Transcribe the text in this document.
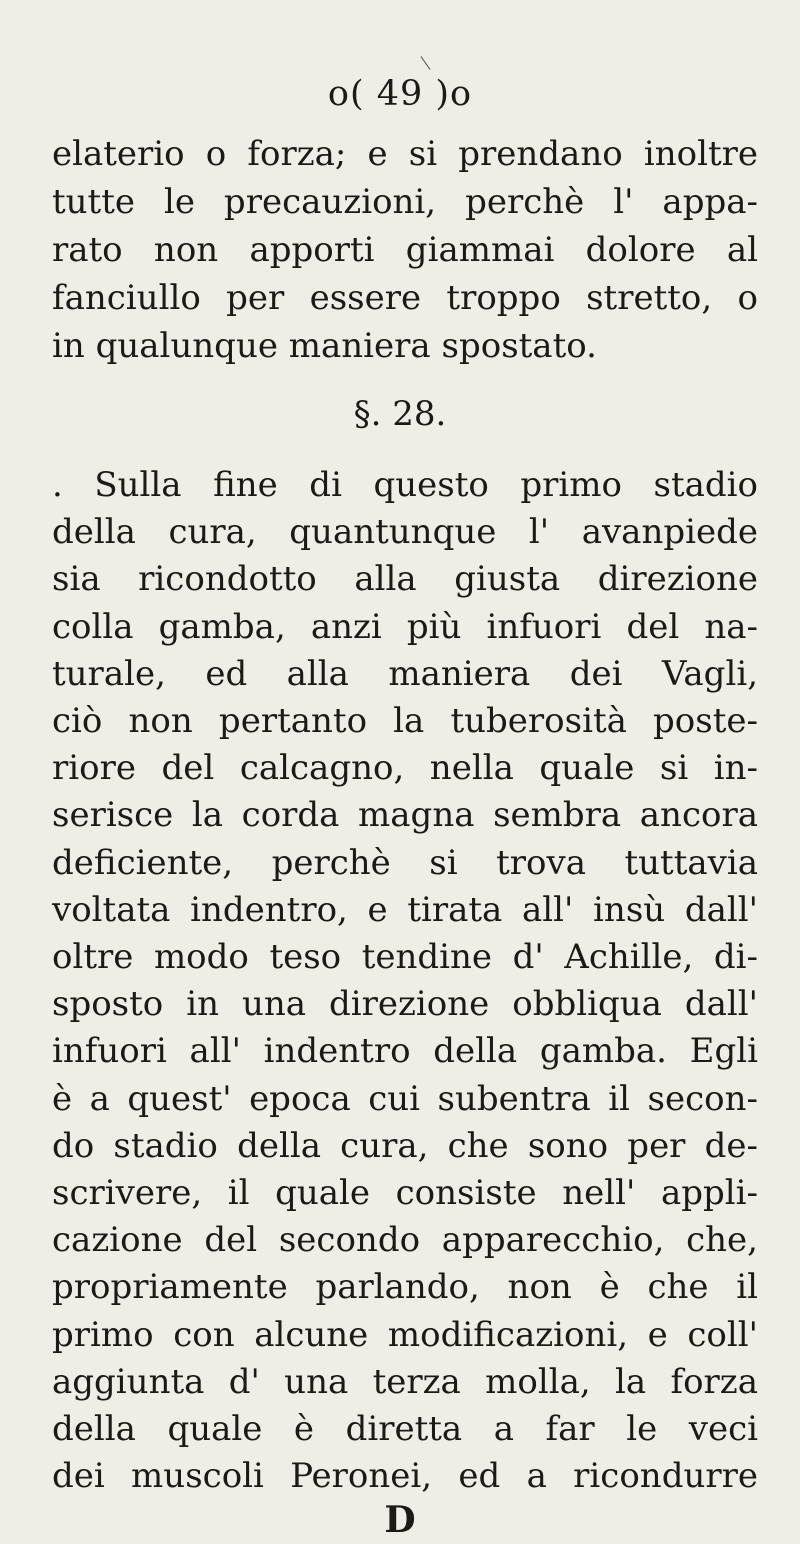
o( 49 )o
elaterio o forza; e si prendano inoltre
tutte le precauzioni, perchè l' appa-
rato non apporti giammai dolore al
fanciullo per essere troppo stretto, o
in qualunque maniera spostato.
§. 28.
. Sulla fine di questo primo stadio
della cura, quantunque l' avanpiede
sia ricondotto alla giusta direzione
colla gamba, anzi più infuori del na-
turale, ed alla maniera dei Vagli,
ciò non pertanto la tuberosità poste-
riore del calcagno, nella quale si in-
serisce la corda magna sembra ancora
deficiente, perchè si trova tuttavia
voltata indentro, e tirata all' insù dall'
oltre modo teso tendine d' Achille, di-
sposto in una direzione obbliqua dall'
infuori all' indentro della gamba. Egli
è a quest' epoca cui subentra il secon-
do stadio della cura, che sono per de-
scrivere, il quale consiste nell' appli-
cazione del secondo apparecchio, che,
propriamente parlando, non è che il
primo con alcune modificazioni, e coll'
aggiunta d' una terza molla, la forza
della quale è diretta a far le veci
dei muscoli Peronei, ed a ricondurre
D
